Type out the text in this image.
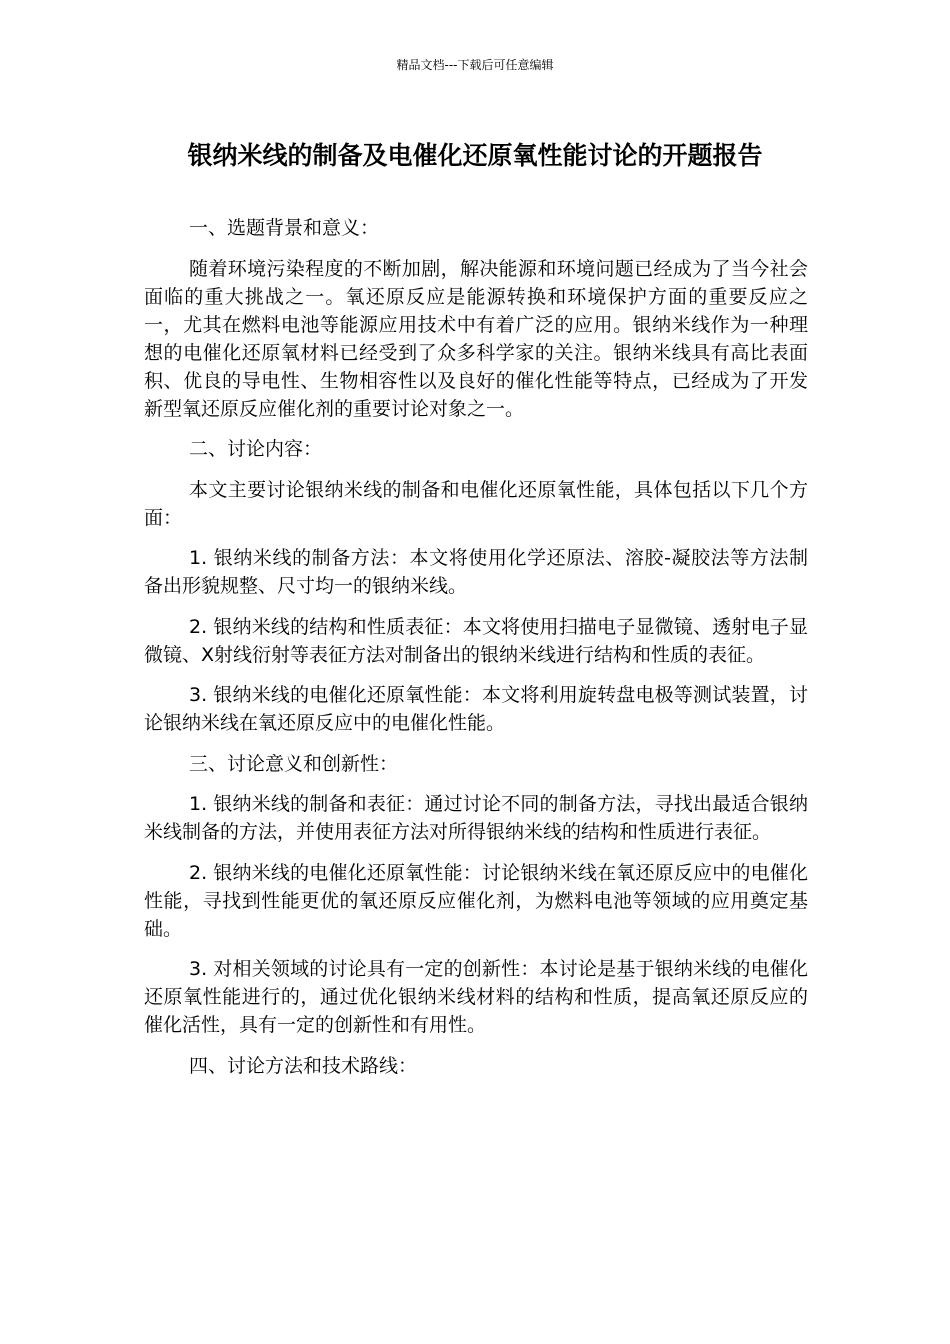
精品文档---下载后可任意编辑
银纳米线的制备及电催化还原氧性能讨论的开题报告

一、选题背景和意义：

随着环境污染程度的不断加剧，解决能源和环境问题已经成为了当今社会面临的重大挑战之一。氧还原反应是能源转换和环境保护方面的重要反应之一，尤其在燃料电池等能源应用技术中有着广泛的应用。银纳米线作为一种理想的电催化还原氧材料已经受到了众多科学家的关注。银纳米线具有高比表面积、优良的导电性、生物相容性以及良好的催化性能等特点，已经成为了开发新型氧还原反应催化剂的重要讨论对象之一。

二、讨论内容：

本文主要讨论银纳米线的制备和电催化还原氧性能，具体包括以下几个方面：

1. 银纳米线的制备方法：本文将使用化学还原法、溶胶-凝胶法等方法制备出形貌规整、尺寸均一的银纳米线。

2. 银纳米线的结构和性质表征：本文将使用扫描电子显微镜、透射电子显微镜、X射线衍射等表征方法对制备出的银纳米线进行结构和性质的表征。

3. 银纳米线的电催化还原氧性能：本文将利用旋转盘电极等测试装置，讨论银纳米线在氧还原反应中的电催化性能。

三、讨论意义和创新性：

1. 银纳米线的制备和表征：通过讨论不同的制备方法，寻找出最适合银纳米线制备的方法，并使用表征方法对所得银纳米线的结构和性质进行表征。

2. 银纳米线的电催化还原氧性能：讨论银纳米线在氧还原反应中的电催化性能，寻找到性能更优的氧还原反应催化剂，为燃料电池等领域的应用奠定基础。

3. 对相关领域的讨论具有一定的创新性：本讨论是基于银纳米线的电催化还原氧性能进行的，通过优化银纳米线材料的结构和性质，提高氧还原反应的催化活性，具有一定的创新性和有用性。

四、讨论方法和技术路线：
